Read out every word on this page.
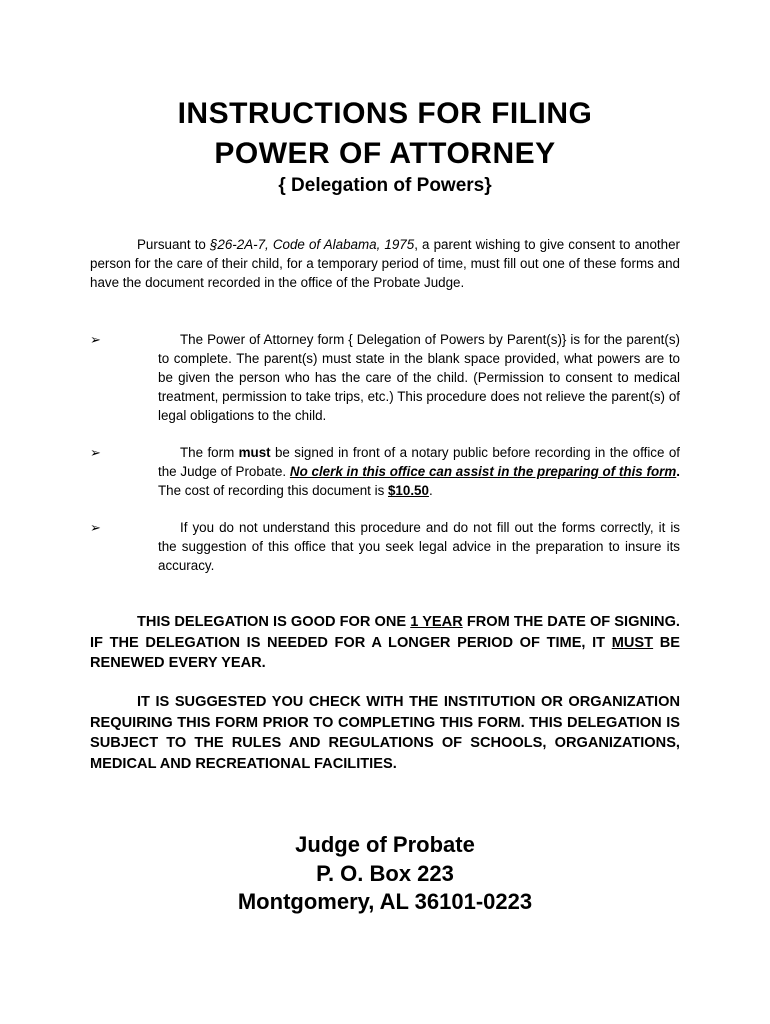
INSTRUCTIONS FOR FILING
POWER OF ATTORNEY
{ Delegation of Powers}
Pursuant to §26-2A-7, Code of Alabama, 1975, a parent wishing to give consent to another person for the care of their child, for a temporary period of time, must fill out one of these forms and have the document recorded in the office of the Probate Judge.
➢	The Power of Attorney form { Delegation of Powers by Parent(s)} is for the parent(s) to complete. The parent(s) must state in the blank space provided, what powers are to be given the person who has the care of the child. (Permission to consent to medical treatment, permission to take trips, etc.) This procedure does not relieve the parent(s) of legal obligations to the child.
➢	The form must be signed in front of a notary public before recording in the office of the Judge of Probate. No clerk in this office can assist in the preparing of this form. The cost of recording this document is $10.50.
➢	If you do not understand this procedure and do not fill out the forms correctly, it is the suggestion of this office that you seek legal advice in the preparation to insure its accuracy.
THIS DELEGATION IS GOOD FOR ONE 1 YEAR FROM THE DATE OF SIGNING. IF THE DELEGATION IS NEEDED FOR A LONGER PERIOD OF TIME, IT MUST BE RENEWED EVERY YEAR.
IT IS SUGGESTED YOU CHECK WITH THE INSTITUTION OR ORGANIZATION REQUIRING THIS FORM PRIOR TO COMPLETING THIS FORM. THIS DELEGATION IS SUBJECT TO THE RULES AND REGULATIONS OF SCHOOLS, ORGANIZATIONS, MEDICAL AND RECREATIONAL FACILITIES.
Judge of Probate
P. O. Box 223
Montgomery, AL 36101-0223
